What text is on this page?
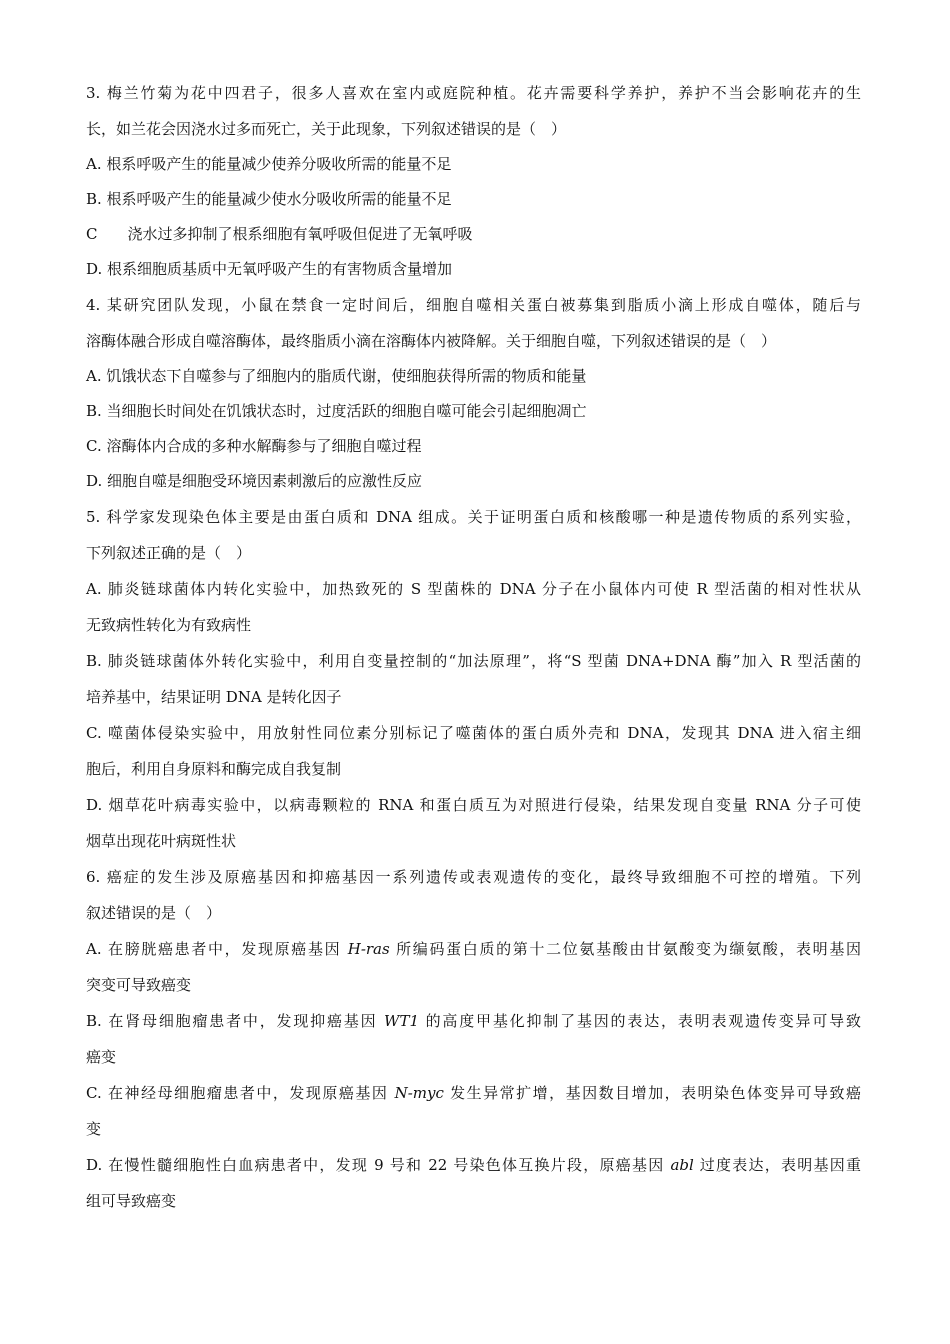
3. 梅兰竹菊为花中四君子，很多人喜欢在室内或庭院种植。花卉需要科学养护，养护不当会影响花卉的生
长，如兰花会因浇水过多而死亡，关于此现象，下列叙述错误的是（　）
A. 根系呼吸产生的能量减少使养分吸收所需的能量不足
B. 根系呼吸产生的能量减少使水分吸收所需的能量不足
C 浇水过多抑制了根系细胞有氧呼吸但促进了无氧呼吸
D. 根系细胞质基质中无氧呼吸产生的有害物质含量增加
4. 某研究团队发现，小鼠在禁食一定时间后，细胞自噬相关蛋白被募集到脂质小滴上形成自噬体，随后与
溶酶体融合形成自噬溶酶体，最终脂质小滴在溶酶体内被降解。关于细胞自噬，下列叙述错误的是（　）
A. 饥饿状态下自噬参与了细胞内的脂质代谢，使细胞获得所需的物质和能量
B. 当细胞长时间处在饥饿状态时，过度活跃的细胞自噬可能会引起细胞凋亡
C. 溶酶体内合成的多种水解酶参与了细胞自噬过程
D. 细胞自噬是细胞受环境因素刺激后的应激性反应
5. 科学家发现染色体主要是由蛋白质和 DNA 组成。关于证明蛋白质和核酸哪一种是遗传物质的系列实验，
下列叙述正确的是（　）
A. 肺炎链球菌体内转化实验中，加热致死的 S 型菌株的 DNA 分子在小鼠体内可使 R 型活菌的相对性状从
无致病性转化为有致病性
B. 肺炎链球菌体外转化实验中，利用自变量控制的“加法原理”，将“S 型菌 DNA+DNA 酶”加入 R 型活菌的
培养基中，结果证明 DNA 是转化因子
C. 噬菌体侵染实验中，用放射性同位素分别标记了噬菌体的蛋白质外壳和 DNA，发现其 DNA 进入宿主细
胞后，利用自身原料和酶完成自我复制
D. 烟草花叶病毒实验中，以病毒颗粒的 RNA 和蛋白质互为对照进行侵染，结果发现自变量 RNA 分子可使
烟草出现花叶病斑性状
6. 癌症的发生涉及原癌基因和抑癌基因一系列遗传或表观遗传的变化，最终导致细胞不可控的增殖。下列
叙述错误的是（　）
A. 在膀胱癌患者中，发现原癌基因 H-ras 所编码蛋白质的第十二位氨基酸由甘氨酸变为缬氨酸，表明基因
突变可导致癌变
B. 在肾母细胞瘤患者中，发现抑癌基因 WT1 的高度甲基化抑制了基因的表达，表明表观遗传变异可导致
癌变
C. 在神经母细胞瘤患者中，发现原癌基因 N-myc 发生异常扩增，基因数目增加，表明染色体变异可导致癌
变
D. 在慢性髓细胞性白血病患者中，发现 9 号和 22 号染色体互换片段，原癌基因 abl 过度表达，表明基因重
组可导致癌变
